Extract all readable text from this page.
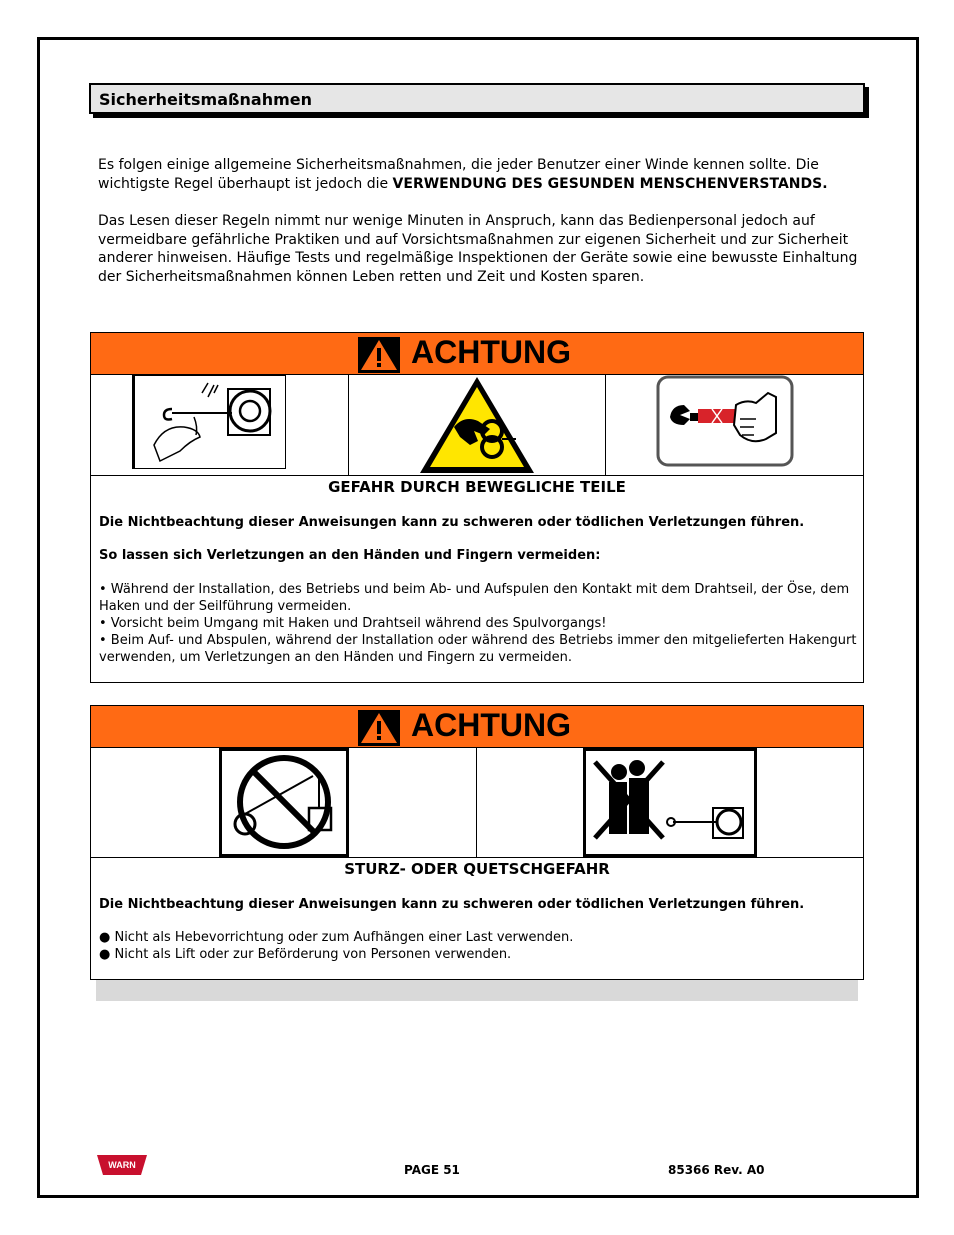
Sicherheitsmaßnahmen

Es folgen einige allgemeine Sicherheitsmaßnahmen, die jeder Benutzer einer Winde kennen sollte. Die wichtigste Regel überhaupt ist jedoch die VERWENDUNG DES GESUNDEN MENSCHENVERSTANDS.

Das Lesen dieser Regeln nimmt nur wenige Minuten in Anspruch, kann das Bedienpersonal jedoch auf vermeidbare gefährliche Praktiken und auf Vorsichtsmaßnahmen zur eigenen Sicherheit und zur Sicherheit anderer hinweisen. Häufige Tests und regelmäßige Inspektionen der Geräte sowie eine bewusste Einhaltung der Sicherheitsmaßnahmen können Leben retten und Zeit und Kosten sparen.

ACHTUNG
GEFAHR DURCH BEWEGLICHE TEILE
Die Nichtbeachtung dieser Anweisungen kann zu schweren oder tödlichen Verletzungen führen.
So lassen sich Verletzungen an den Händen und Fingern vermeiden:
• Während der Installation, des Betriebs und beim Ab- und Aufspulen den Kontakt mit dem Drahtseil, der Öse, dem Haken und der Seilführung vermeiden.
• Vorsicht beim Umgang mit Haken und Drahtseil während des Spulvorgangs!
• Beim Auf- und Abspulen, während der Installation oder während des Betriebs immer den mitgelieferten Hakengurt verwenden, um Verletzungen an den Händen und Fingern zu vermeiden.
ACHTUNG
STURZ- ODER QUETSCHGEFAHR
Die Nichtbeachtung dieser Anweisungen kann zu schweren oder tödlichen Verletzungen führen.
● Nicht als Hebevorrichtung oder zum Aufhängen einer Last verwenden.
● Nicht als Lift oder zur Beförderung von Personen verwenden.
WARN	PAGE 51	85366 Rev. A0
